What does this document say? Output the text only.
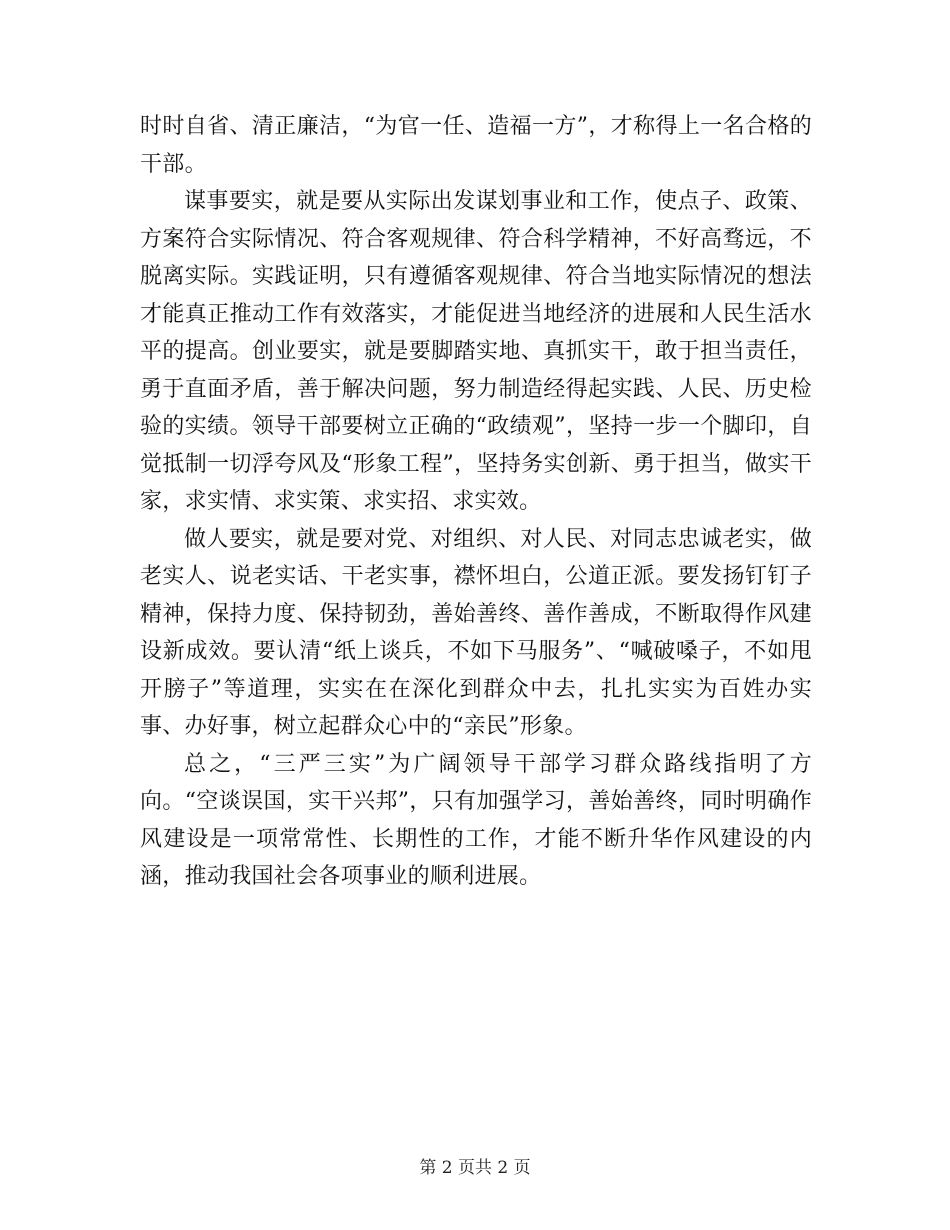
时时自省、清正廉洁，“为官一任、造福一方”，才称得上一名合格的干部。

谋事要实，就是要从实际出发谋划事业和工作，使点子、政策、方案符合实际情况、符合客观规律、符合科学精神，不好高骛远，不脱离实际。实践证明，只有遵循客观规律、符合当地实际情况的想法才能真正推动工作有效落实，才能促进当地经济的进展和人民生活水平的提高。创业要实，就是要脚踏实地、真抓实干，敢于担当责任，勇于直面矛盾，善于解决问题，努力制造经得起实践、人民、历史检验的实绩。领导干部要树立正确的“政绩观”，坚持一步一个脚印，自觉抵制一切浮夸风及“形象工程”，坚持务实创新、勇于担当，做实干家，求实情、求实策、求实招、求实效。

做人要实，就是要对党、对组织、对人民、对同志忠诚老实，做老实人、说老实话、干老实事，襟怀坦白，公道正派。要发扬钉钉子精神，保持力度、保持韧劲，善始善终、善作善成，不断取得作风建设新成效。要认清“纸上谈兵，不如下马服务”、“喊破嗓子，不如甩开膀子”等道理，实实在在深化到群众中去，扎扎实实为百姓办实事、办好事，树立起群众心中的“亲民”形象。

总之，“三严三实”为广阔领导干部学习群众路线指明了方向。“空谈误国，实干兴邦”，只有加强学习，善始善终，同时明确作风建设是一项常常性、长期性的工作，才能不断升华作风建设的内涵，推动我国社会各项事业的顺利进展。

第 2 页共 2 页
